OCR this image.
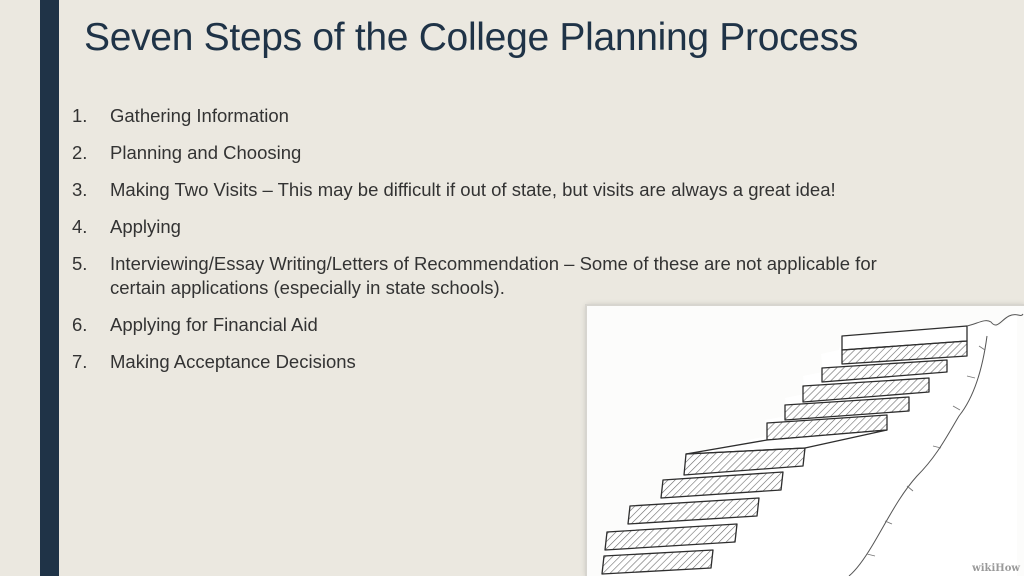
Seven Steps of the College Planning Process
1.	Gathering Information
2.	Planning and Choosing
3.	Making Two Visits – This may be difficult if out of state, but visits are always a great idea!
4.	Applying
5.	Interviewing/Essay Writing/Letters of Recommendation – Some of these are not applicable for certain applications (especially in state schools).
6.	Applying for Financial Aid
7.	Making Acceptance Decisions
wikiHow
